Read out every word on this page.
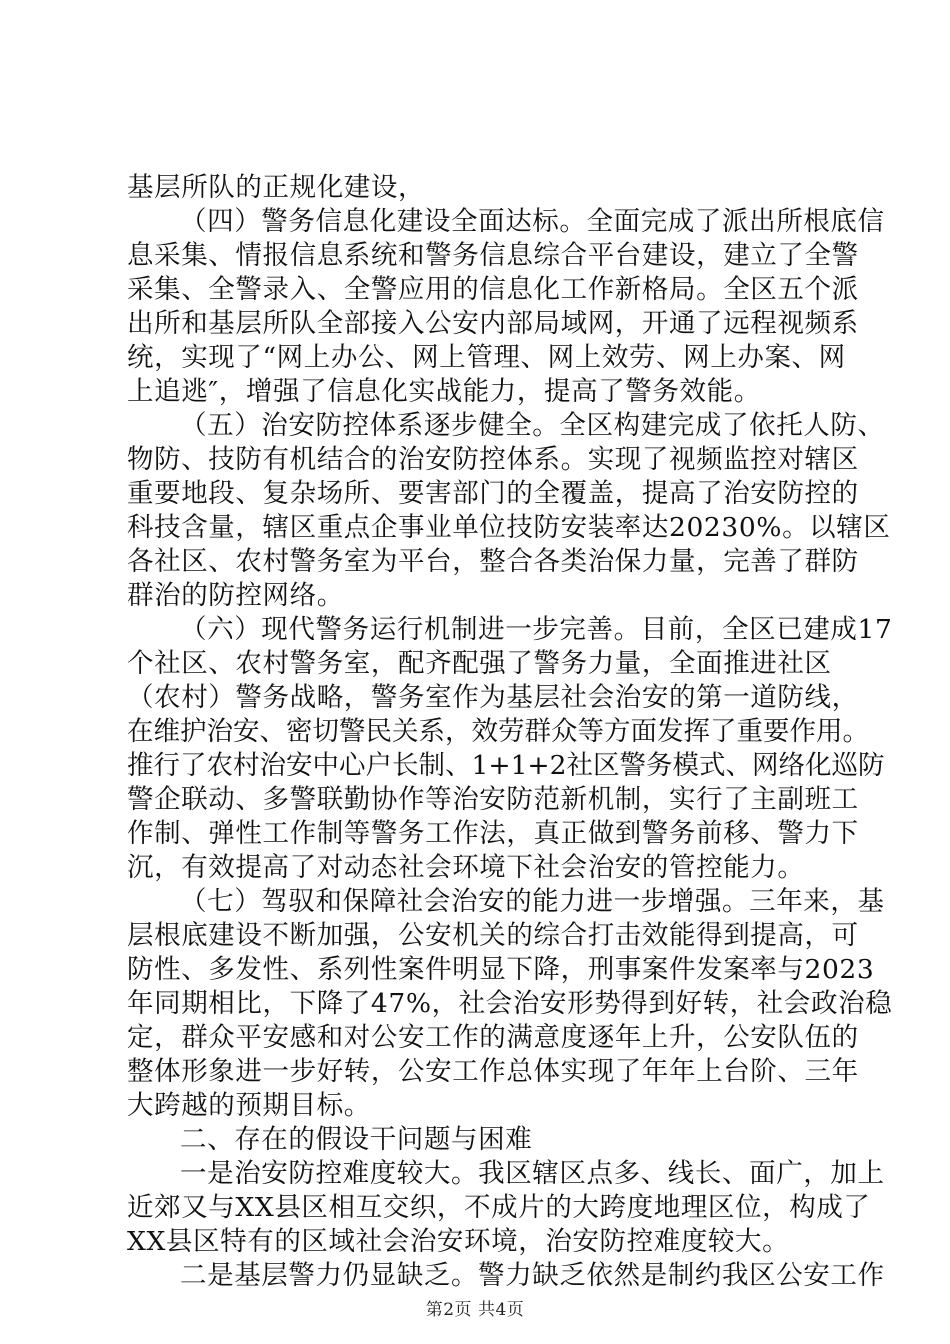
基层所队的正规化建设，
（四）警务信息化建设全面达标。全面完成了派出所根底信
息采集、情报信息系统和警务信息综合平台建设，建立了全警
采集、全警录入、全警应用的信息化工作新格局。全区五个派
出所和基层所队全部接入公安内部局域网，开通了远程视频系
统，实现了“网上办公、网上管理、网上效劳、网上办案、网
上追逃″，增强了信息化实战能力，提高了警务效能。
（五）治安防控体系逐步健全。全区构建完成了依托人防、
物防、技防有机结合的治安防控体系。实现了视频监控对辖区
重要地段、复杂场所、要害部门的全覆盖，提高了治安防控的
科技含量，辖区重点企事业单位技防安装率达20230%。以辖区
各社区、农村警务室为平台，整合各类治保力量，完善了群防
群治的防控网络。
（六）现代警务运行机制进一步完善。目前，全区已建成17
个社区、农村警务室，配齐配强了警务力量，全面推进社区
（农村）警务战略，警务室作为基层社会治安的第一道防线，
在维护治安、密切警民关系，效劳群众等方面发挥了重要作用。
推行了农村治安中心户长制、1+1+2社区警务模式、网络化巡防
警企联动、多警联勤协作等治安防范新机制，实行了主副班工
作制、弹性工作制等警务工作法，真正做到警务前移、警力下
沉，有效提高了对动态社会环境下社会治安的管控能力。
（七）驾驭和保障社会治安的能力进一步增强。三年来，基
层根底建设不断加强，公安机关的综合打击效能得到提高，可
防性、多发性、系列性案件明显下降，刑事案件发案率与2023
年同期相比，下降了47%，社会治安形势得到好转，社会政治稳
定，群众平安感和对公安工作的满意度逐年上升，公安队伍的
整体形象进一步好转，公安工作总体实现了年年上台阶、三年
大跨越的预期目标。
二、存在的假设干问题与困难
一是治安防控难度较大。我区辖区点多、线长、面广，加上
近郊又与XX县区相互交织，不成片的大跨度地理区位，构成了
XX县区特有的区域社会治安环境，治安防控难度较大。
二是基层警力仍显缺乏。警力缺乏依然是制约我区公安工作
第2页 共4页
